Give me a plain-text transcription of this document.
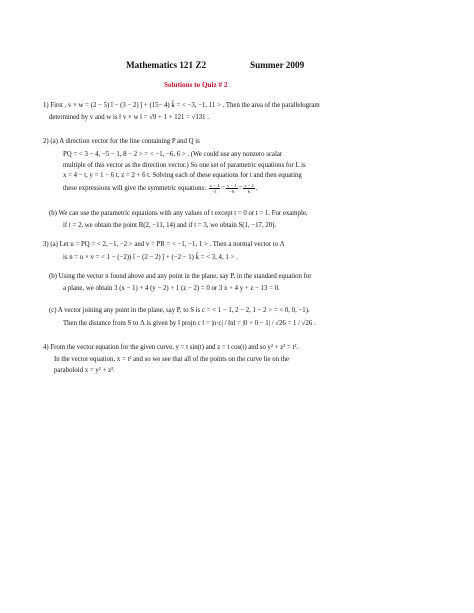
Mathematics 121 Z2	Summer 2009
Solutions to Quiz # 2
1) First , v × w = (2 − 5) î − (3 − 2) ĵ + (15− 4) k̂ = < −3, −1, 11 > . Then the area of the parallelogram
determined by v and w is ‖ v × w ‖ = √9 + 1 + 121 = √131 .
2) (a) A direction vector for the line containing P and Q is
PQ = < 3 − 4, −5 − 1, 8 − 2 > = < −1, −6, 6 > . (We could use any nonzero scalar
multiple of this vector as the direction vector.) So one set of parametric equations for L is
x = 4 − t, y = 1 − 6 t, z = 2 + 6 t. Solving each of these equations for t and then equating
these expressions will give the symmetric equations: $\frac{x - 4}{-1} = \frac{y - 1}{-6} = \frac{z - 2}{6}$ .
(b) We can use the parametric equations with any values of t except t = 0 or t = 1. For example,
if t = 2, we obtain the point R(2, −11, 14) and if t = 3, we obtain S(1, −17, 20).
3) (a) Let u = PQ = < 2, −1, −2 > and v = PR = < −1, −1, 1 > . Then a normal vector to Λ
is n = u × v = < 1 − (−2)) î − (2 − 2) ĵ + (−2 − 1) k̂ = < 3, 4, 1 > .
(b) Using the vector n found above and any point in the plane, say P, in the standard equation for
a plane, we obtain 3 (x − 1) + 4 (y − 2) + 1 (z − 2) = 0 or 3 x + 4 y + z − 13 = 0.
(c) A vector joining any point in the plane, say P, to S is c = < 1 − 1, 2 − 2, 1 − 2 > = < 0, 0, −1).
Then the distance from S to Λ is given by ‖ projn c ‖ = |n·c| / ‖n‖ = |0 + 0 − 1| / √26 = 1 / √26 .
4) From the vector equation for the given curve, y = t sin(t) and z = t cos(t) and so y² + z² = t².
In the vector equation, x = t² and so we see that all of the points on the curve lie on the
paraboloid x = y² + z².
